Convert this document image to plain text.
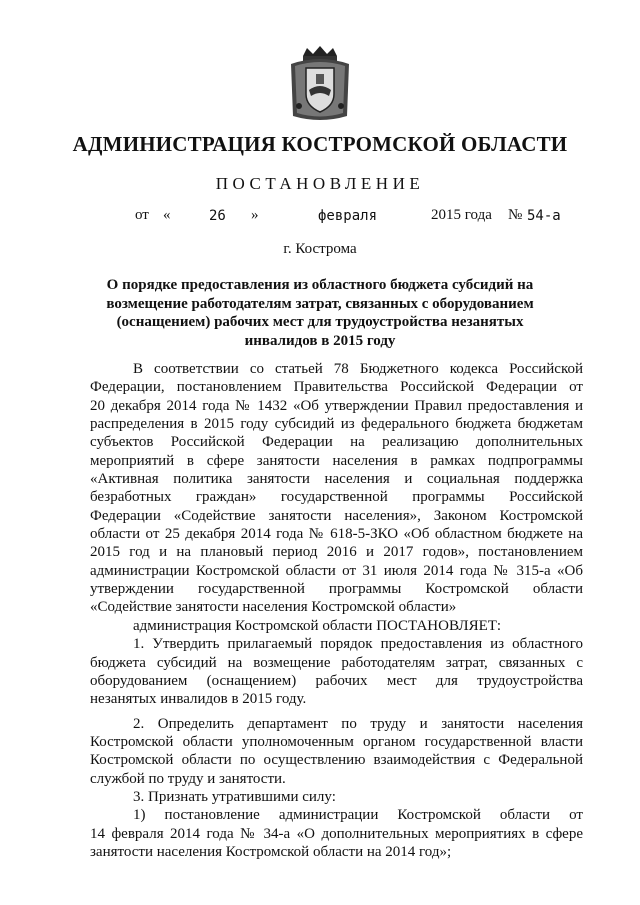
АДМИНИСТРАЦИЯ КОСТРОМСКОЙ ОБЛАСТИ
ПОСТАНОВЛЕНИЕ
от «	26 »	февраля	2015 года № 54-а
г. Кострома
О порядке предоставления из областного бюджета субсидий на
возмещение работодателям затрат, связанных с оборудованием
(оснащением) рабочих мест для трудоустройства незанятых
инвалидов в 2015 году

В соответствии со статьей 78 Бюджетного кодекса Российской

Федерации, постановлением Правительства Российской Федерации от

20 декабря 2014 года № 1432 «Об утверждении Правил предоставления и

распределения в 2015 году субсидий из федерального бюджета бюджетам

субъектов Российской Федерации на реализацию дополнительных

мероприятий в сфере занятости населения в рамках подпрограммы

«Активная политика занятости населения и социальная поддержка

безработных граждан» государственной программы Российской

Федерации «Содействие занятости населения», Законом Костромской

области от 25 декабря 2014 года № 618-5-ЗКО «Об областном бюджете на

2015 год и на плановый период 2016 и 2017 годов», постановлением

администрации Костромской области от 31 июля 2014 года № 315-а «Об

утверждении государственной программы Костромской области

«Содействие занятости населения Костромской области»

администрация Костромской области ПОСТАНОВЛЯЕТ:

1. Утвердить прилагаемый порядок предоставления из областного

бюджета субсидий на возмещение работодателям затрат, связанных с

оборудованием (оснащением) рабочих мест для трудоустройства

незанятых инвалидов в 2015 году.

2. Определить департамент по труду и занятости населения

Костромской области уполномоченным органом государственной власти

Костромской области по осуществлению взаимодействия с Федеральной

службой по труду и занятости.

3. Признать утратившими силу:

1) постановление администрации Костромской области от

14 февраля 2014 года № 34-а «О дополнительных мероприятиях в сфере

занятости населения Костромской области на 2014 год»;
